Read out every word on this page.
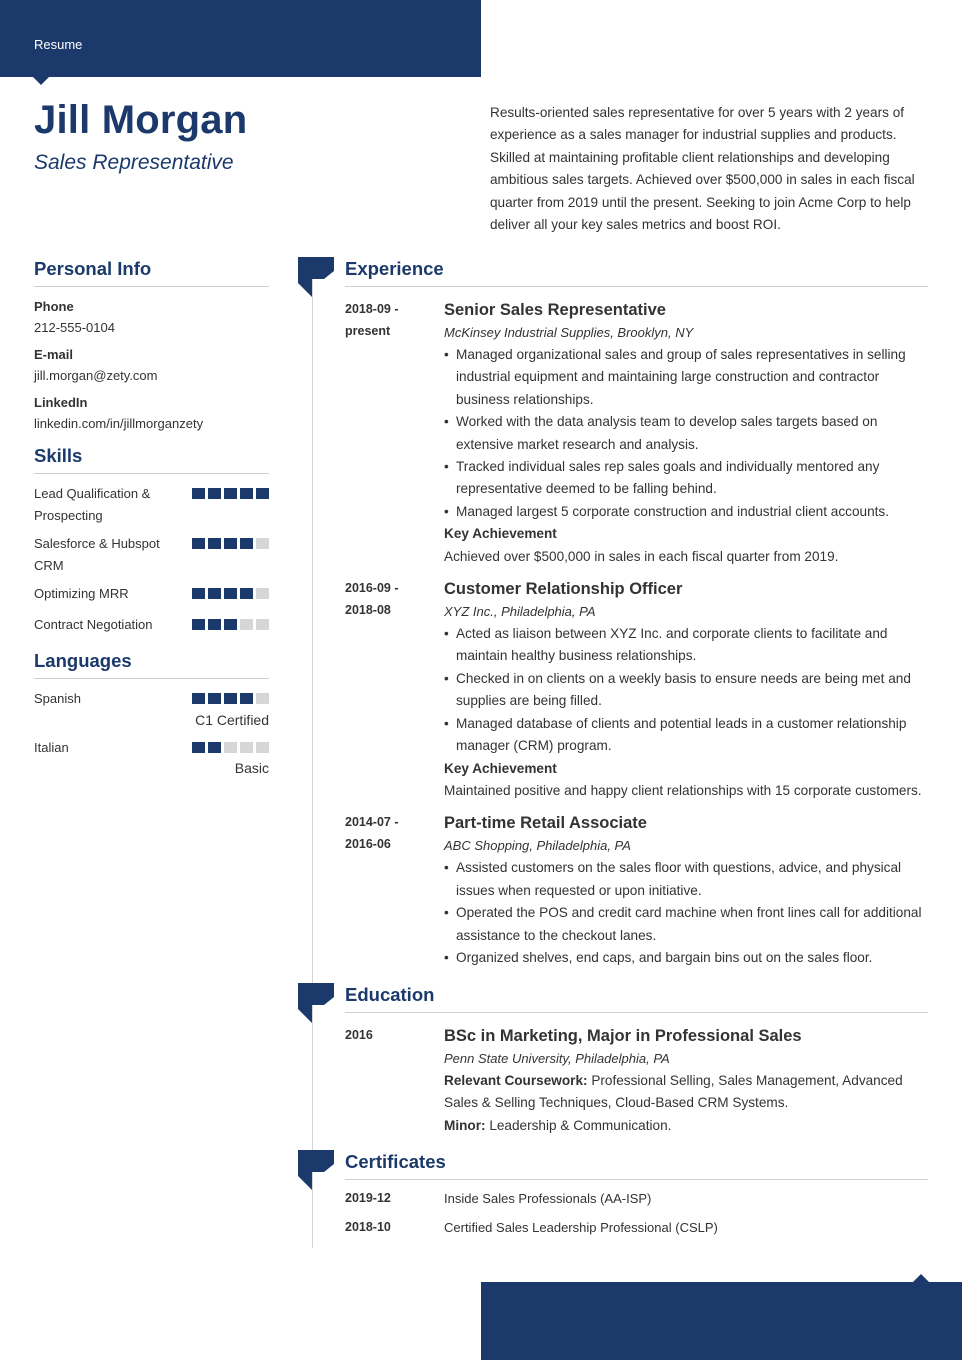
Resume
Jill Morgan
Sales Representative

Results-oriented sales representative for over 5 years with 2 years of experience as a sales manager for industrial supplies and products. Skilled at maintaining profitable client relationships and developing ambitious sales targets. Achieved over $500,000 in sales in each fiscal quarter from 2019 until the present. Seeking to join Acme Corp to help deliver all your key sales metrics and boost ROI.

Personal Info
Phone
212-555-0104
E-mail
jill.morgan@zety.com
LinkedIn
linkedin.com/in/jillmorganzety
Skills
Lead Qualification & Prospecting
Salesforce & Hubspot CRM
Optimizing MRR
Contract Negotiation
Languages
Spanish
C1 Certified
Italian
Basic
Experience
2018-09 -
present
Senior Sales Representative
McKinsey Industrial Supplies, Brooklyn, NY
• Managed organizational sales and group of sales representatives in selling industrial equipment and maintaining large construction and contractor business relationships.
• Worked with the data analysis team to develop sales targets based on extensive market research and analysis.
• Tracked individual sales rep sales goals and individually mentored any representative deemed to be falling behind.
• Managed largest 5 corporate construction and industrial client accounts.
Key Achievement
Achieved over $500,000 in sales in each fiscal quarter from 2019.
2016-09 -
2018-08
Customer Relationship Officer
XYZ Inc., Philadelphia, PA
• Acted as liaison between XYZ Inc. and corporate clients to facilitate and maintain healthy business relationships.
• Checked in on clients on a weekly basis to ensure needs are being met and supplies are being filled.
• Managed database of clients and potential leads in a customer relationship manager (CRM) program.
Key Achievement
Maintained positive and happy client relationships with 15 corporate customers.
2014-07 -
2016-06
Part-time Retail Associate
ABC Shopping, Philadelphia, PA
• Assisted customers on the sales floor with questions, advice, and physical issues when requested or upon initiative.
• Operated the POS and credit card machine when front lines call for additional assistance to the checkout lanes.
• Organized shelves, end caps, and bargain bins out on the sales floor.
Education
2016	BSc in Marketing, Major in Professional Sales
Penn State University, Philadelphia, PA
Relevant Coursework: Professional Selling, Sales Management, Advanced Sales & Selling Techniques, Cloud-Based CRM Systems.
Minor: Leadership & Communication.
Certificates
2019-12	Inside Sales Professionals (AA-ISP)
2018-10	Certified Sales Leadership Professional (CSLP)
